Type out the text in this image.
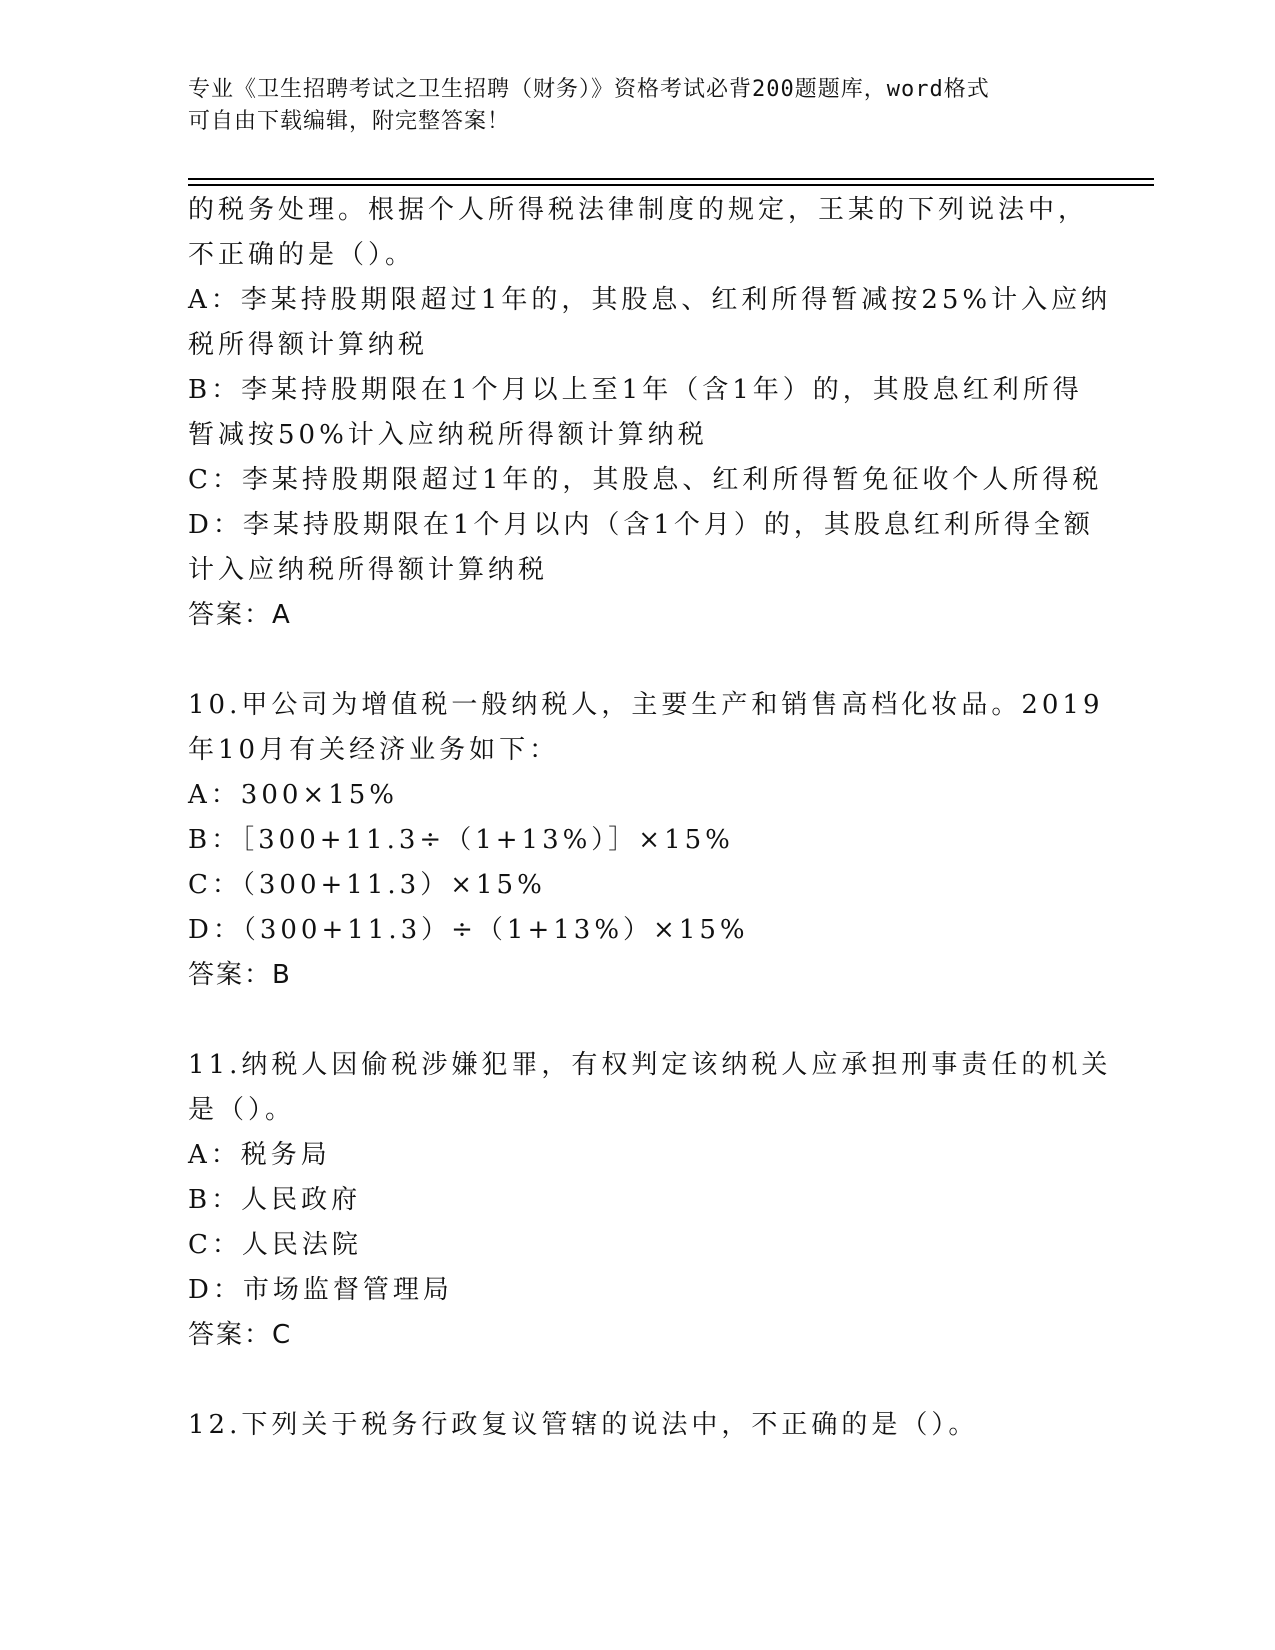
专业《卫生招聘考试之卫生招聘（财务）》资格考试必背200题题库，word格式
可自由下载编辑，附完整答案！
的税务处理。根据个人所得税法律制度的规定，王某的下列说法中，
不正确的是（）。
A：李某持股期限超过1年的，其股息、红利所得暂减按25%计入应纳
税所得额计算纳税
B：李某持股期限在1个月以上至1年（含1年）的，其股息红利所得
暂减按50%计入应纳税所得额计算纳税
C：李某持股期限超过1年的，其股息、红利所得暂免征收个人所得税
D：李某持股期限在1个月以内（含1个月）的，其股息红利所得全额
计入应纳税所得额计算纳税
答案：A
10.甲公司为增值税一般纳税人，主要生产和销售高档化妆品。2019
年10月有关经济业务如下：
A：300×15%
B：［300+11.3÷（1+13%）］×15%
C：（300+11.3）×15%
D：（300+11.3）÷（1+13%）×15%
答案：B
11.纳税人因偷税涉嫌犯罪，有权判定该纳税人应承担刑事责任的机关
是（）。
A：税务局
B：人民政府
C：人民法院
D：市场监督管理局
答案：C
12.下列关于税务行政复议管辖的说法中，不正确的是（）。
